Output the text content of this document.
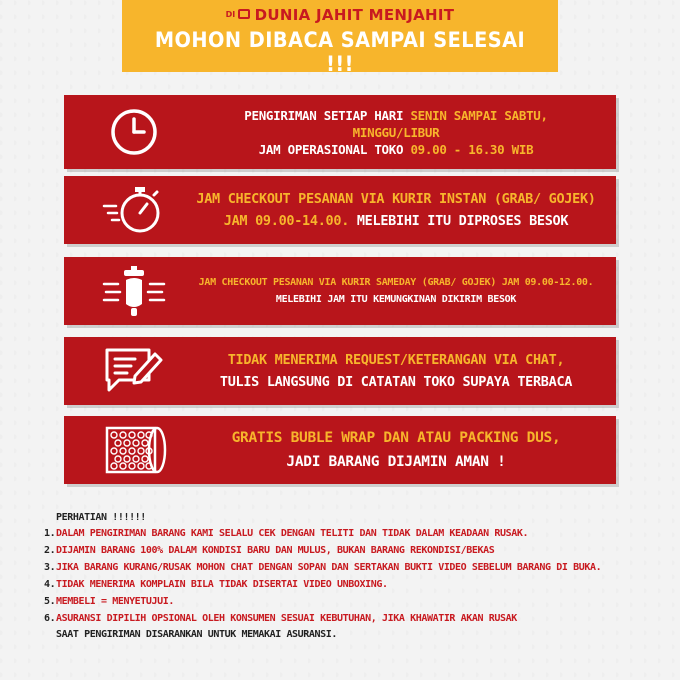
DI DUNIA JAHIT MENJAHIT
MOHON DIBACA SAMPAI SELESAI !!!
PENGIRIMAN SETIAP HARI SENIN SAMPAI SABTU,
MINGGU/LIBUR
JAM OPERASIONAL TOKO 09.00 - 16.30 WIB
JAM CHECKOUT PESANAN VIA KURIR INSTAN (GRAB/ GOJEK)
JAM 09.00-14.00. MELEBIHI ITU DIPROSES BESOK
JAM CHECKOUT PESANAN VIA KURIR SAMEDAY (GRAB/ GOJEK) JAM 09.00-12.00.
MELEBIHI JAM ITU KEMUNGKINAN DIKIRIM BESOK
TIDAK MENERIMA REQUEST/KETERANGAN VIA CHAT,
TULIS LANGSUNG DI CATATAN TOKO SUPAYA TERBACA
GRATIS BUBLE WRAP DAN ATAU PACKING DUS,
JADI BARANG DIJAMIN AMAN !
PERHATIAN !!!!!!
1. DALAM PENGIRIMAN BARANG KAMI SELALU CEK DENGAN TELITI DAN TIDAK DALAM KEADAAN RUSAK.
2. DIJAMIN BARANG 100% DALAM KONDISI BARU DAN MULUS, BUKAN BARANG REKONDISI/BEKAS
3. JIKA BARANG KURANG/RUSAK MOHON CHAT DENGAN SOPAN DAN SERTAKAN BUKTI VIDEO SEBELUM BARANG DI BUKA.
4. TIDAK MENERIMA KOMPLAIN BILA TIDAK DISERTAI VIDEO UNBOXING.
5. MEMBELI = MENYETUJUI.
6. ASURANSI DIPILIH OPSIONAL OLEH KONSUMEN SESUAI KEBUTUHAN, JIKA KHAWATIR AKAN RUSAK
SAAT PENGIRIMAN DISARANKAN UNTUK MEMAKAI ASURANSI.
